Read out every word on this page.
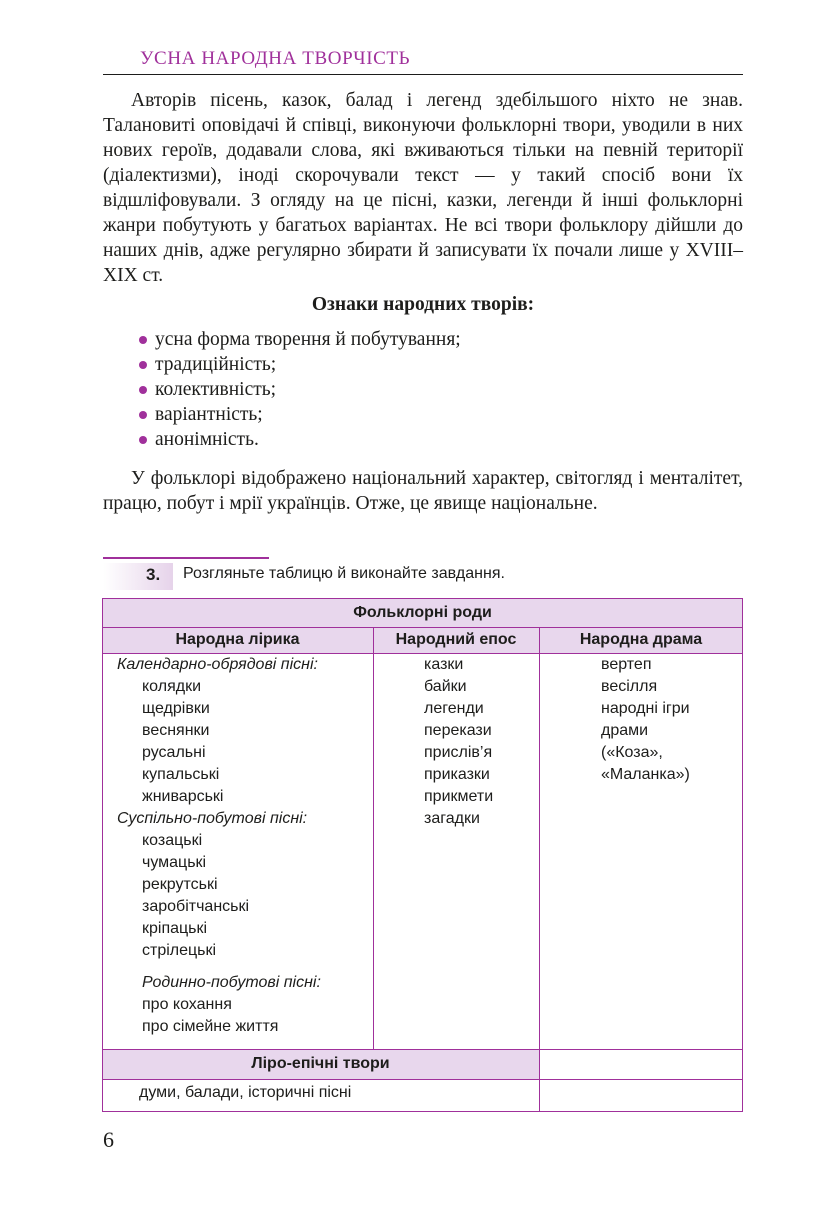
УСНА НАРОДНА ТВОРЧІСТЬ

Авторів пісень, казок, балад і легенд здебільшого ніхто не знав. Талановиті оповідачі й співці, виконуючи фольклорні твори, уводили в них нових героїв, додавали слова, які вживаються тільки на певній території (діалектизми), іноді скорочували текст — у такий спосіб вони їх відшліфовували. З огляду на це пісні, казки, легенди й інші фольклорні жанри побутують у багатьох варіантах. Не всі твори фольклору дійшли до наших днів, адже регулярно збирати й записувати їх почали лише у XVIII–XIX ст.

Ознаки народних творів:
усна форма творення й побутування;
традиційність;
колективність;
варіантність;
анонімність.

У фольклорі відображено національний характер, світогляд і менталітет, працю, побут і мрії українців. Отже, це явище національне.

3. Розгляньте таблицю й виконайте завдання.
Фольклорні роди
Народна лірика	Народний епос	Народна драма
Ліро-епічні твори
Календарно-обрядові пісні:
колядки
щедрівки
веснянки
русальні
купальські
жниварські
Суспільно-побутові пісні:
козацькі
чумацькі
рекрутські
заробітчанські
кріпацькі
стрілецькі
Родинно-побутові пісні:
про кохання
про сімейне життя
казки
байки
легенди
перекази
прислів’я
приказки
прикмети
загадки
вертеп
весілля
народні ігри
драми
(«Коза»,
«Маланка»)
думи, балади, історичні пісні
6
